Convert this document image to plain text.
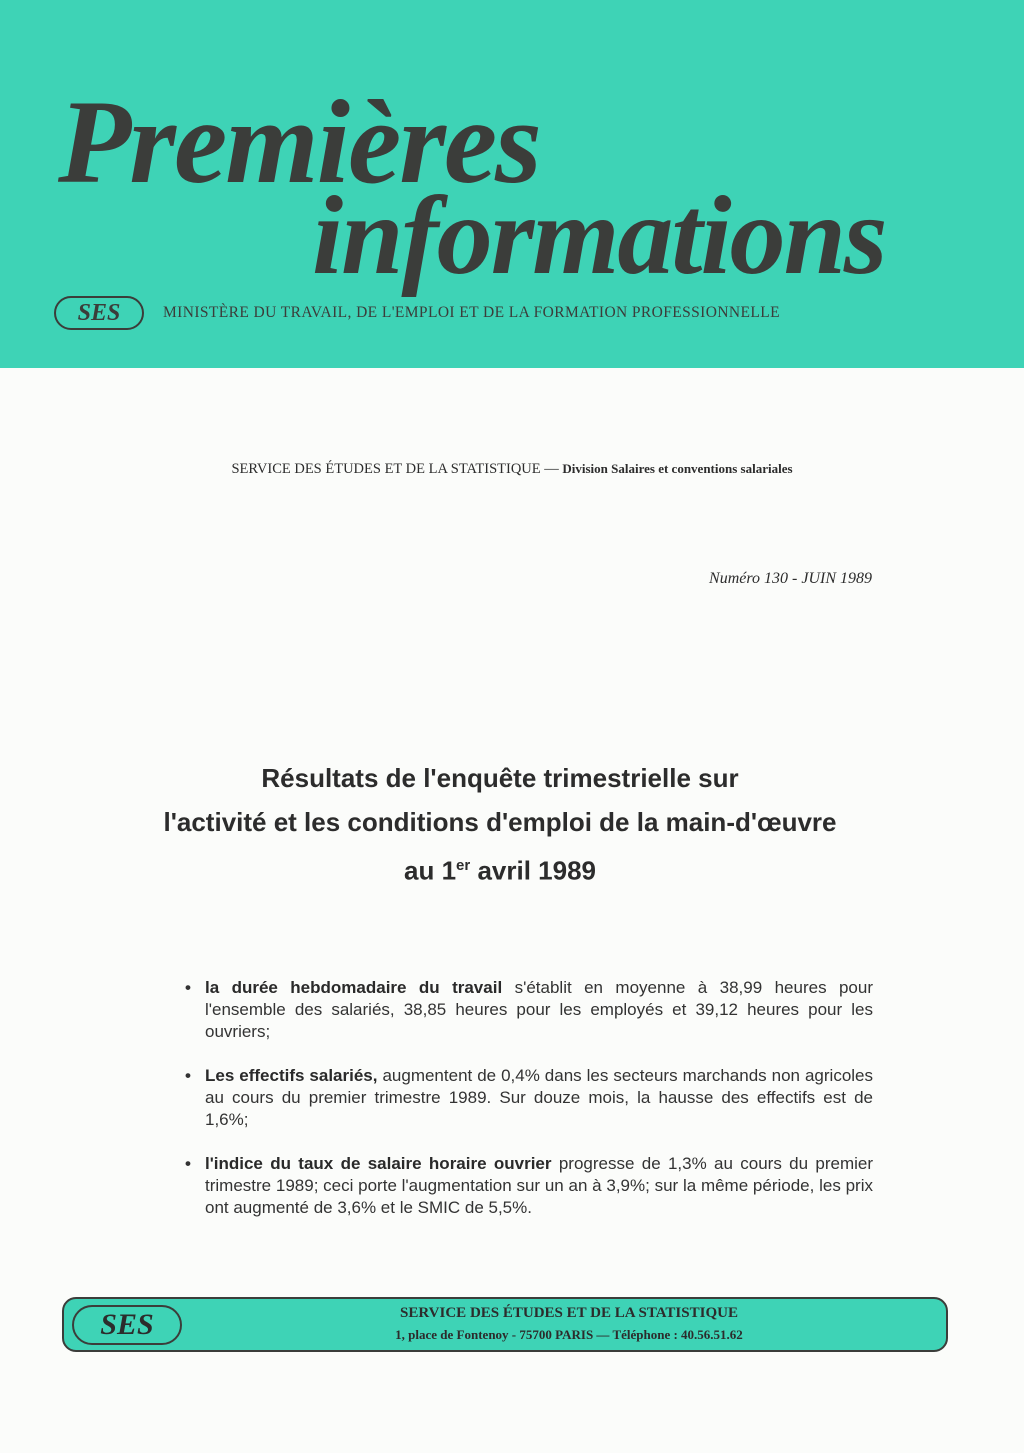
Premières
informations
SES	MINISTÈRE DU TRAVAIL, DE L'EMPLOI ET DE LA FORMATION PROFESSIONNELLE
SERVICE DES ÉTUDES ET DE LA STATISTIQUE — Division Salaires et conventions salariales
Numéro 130 - JUIN 1989
Résultats de l'enquête trimestrielle sur
l'activité et les conditions d'emploi de la main-d'œuvre
au 1er avril 1989
• la durée hebdomadaire du travail s'établit en moyenne à 38,99 heures pour l'ensemble des salariés, 38,85 heures pour les employés et 39,12 heures pour les ouvriers;
• Les effectifs salariés, augmentent de 0,4% dans les secteurs marchands non agricoles au cours du premier trimestre 1989. Sur douze mois, la hausse des effectifs est de 1,6%;
• l'indice du taux de salaire horaire ouvrier progresse de 1,3% au cours du premier trimestre 1989; ceci porte l'augmentation sur un an à 3,9%; sur la même période, les prix ont augmenté de 3,6% et le SMIC de 5,5%.
SES	SERVICE DES ÉTUDES ET DE LA STATISTIQUE
1, place de Fontenoy - 75700 PARIS — Téléphone : 40.56.51.62
